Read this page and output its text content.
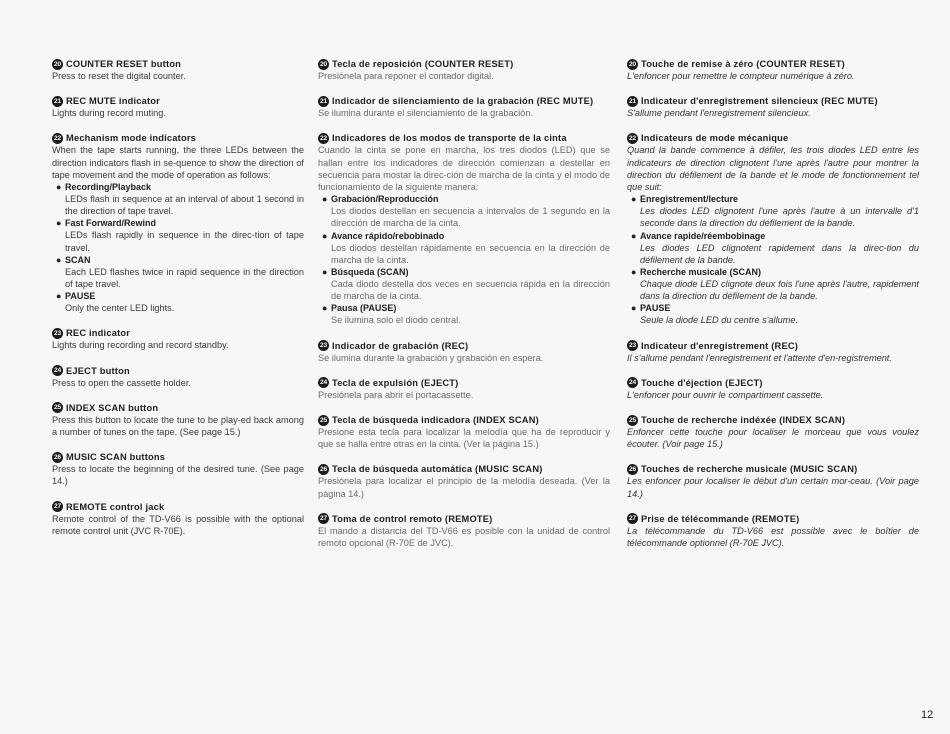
20 COUNTER RESET button
Press to reset the digital counter.
21 REC MUTE indicator
Lights during record muting.
22 Mechanism mode indicators
When the tape starts running, the three LEDs between the direction indicators flash in se-quence to show the direction of tape movement and the mode of operation as follows:
● Recording/Playback
LEDs flash in sequence at an interval of about 1 second in the direction of tape travel.
● Fast Forward/Rewind
LEDs flash rapidly in sequence in the direc-tion of tape travel.
● SCAN
Each LED flashes twice in rapid sequence in the direction of tape travel.
● PAUSE
Only the center LED lights.
23 REC indicator
Lights during recording and record standby.
24 EJECT button
Press to open the cassette holder.
25 INDEX SCAN button
Press this button to locate the tune to be play-ed back among a number of tunes on the tape. (See page 15.)
26 MUSIC SCAN buttons
Press to locate the beginning of the desired tune. (See page 14.)
27 REMOTE control jack
Remote control of the TD-V66 is possible with the optional remote control unit (JVC R-70E).
20 Tecla de reposición (COUNTER RESET)
Presiónela para reponer el contador digital.
21 Indicador de silenciamiento de la grabación (REC MUTE)
Se ilumina durante el silenciamiento de la grabación.
22 Indicadores de los modos de transporte de la cinta
Cuando la cinta se pone en marcha, los tres diodos (LED) que se hallan entre los indicadores de dirección comienzan a destellar en secuencia para mostar la direc-ción de marcha de la cinta y el modo de funcionamiento de la siguiente manera:
● Grabación/Reproducción
Los diodos destellan en secuencia a intervalos de 1 segundo en la dirección de marcha de la cinta.
● Avance rápido/rebobinado
Los diodos destellan rápidamente en secuencia en la dirección de marcha de la cinta.
● Búsqueda (SCAN)
Cada diodo destella dos veces en secuencia rápida en la dirección de marcha de la cinta.
● Pausa (PAUSE)
Se ilumina solo el diodo central.
23 Indicador de grabación (REC)
Se ilumina durante la grabación y grabación en espera.
24 Tecla de expulsión (EJECT)
Presiónela para abrir el portacassette.
25 Tecla de búsqueda indicadora (INDEX SCAN)
Presione esta tecla para localizar la melodía que ha de reproducir y que se halla entre otras en la cinta. (Ver la página 15.)
26 Tecla de búsqueda automática (MUSIC SCAN)
Presiónela para localizar el principio de la melodía deseada. (Ver la página 14.)
27 Toma de control remoto (REMOTE)
El mando a distancia del TD-V66 es posible con la unidad de control remoto opcional (R-70E de JVC).
20 Touche de remise à zéro (COUNTER RESET)
L'enfoncer pour remettre le compteur numérique à zéro.
21 Indicateur d'enregistrement silencieux (REC MUTE)
S'allume pendant l'enregistrement silencieux.
22 Indicateurs de mode mécanique
Quand la bande commence à défiler, les trois diodes LED entre les indicateurs de direction clignotent l'une après l'autre pour montrer la direction du défilement de la bande et le mode de fonctionnement tel que suit:
● Enregistrement/lecture
Les diodes LED clignotent l'une après l'autre à un intervalle d'1 seconde dans la direction du défilement de la bande.
● Avance rapide/réembobinage
Les diodes LED clignotent rapidement dans la direc-tion du défilement de la bande.
● Recherche musicale (SCAN)
Chaque diode LED clignote deux fois l'une après l'autre, rapidement dans la direction du défilement de la bande.
● PAUSE
Seule la diode LED du centre s'allume.
23 Indicateur d'enregistrement (REC)
Il s'allume pendant l'enregistrement et l'attente d'en-registrement.
24 Touche d'éjection (EJECT)
L'enfoncer pour ouvrir le compartiment cassette.
25 Touche de recherche indéxée (INDEX SCAN)
Enfoncer cette touche pour localiser le morceau que vous voulez écouter. (Voir page 15.)
26 Touches de recherche musicale (MUSIC SCAN)
Les enfoncer pour localiser le début d'un certain mor-ceau. (Voir page 14.)
27 Prise de télécommande (REMOTE)
La télécommande du TD-V66 est possible avec le boîtier de télécommande optionnel (R-70E JVC).
12
